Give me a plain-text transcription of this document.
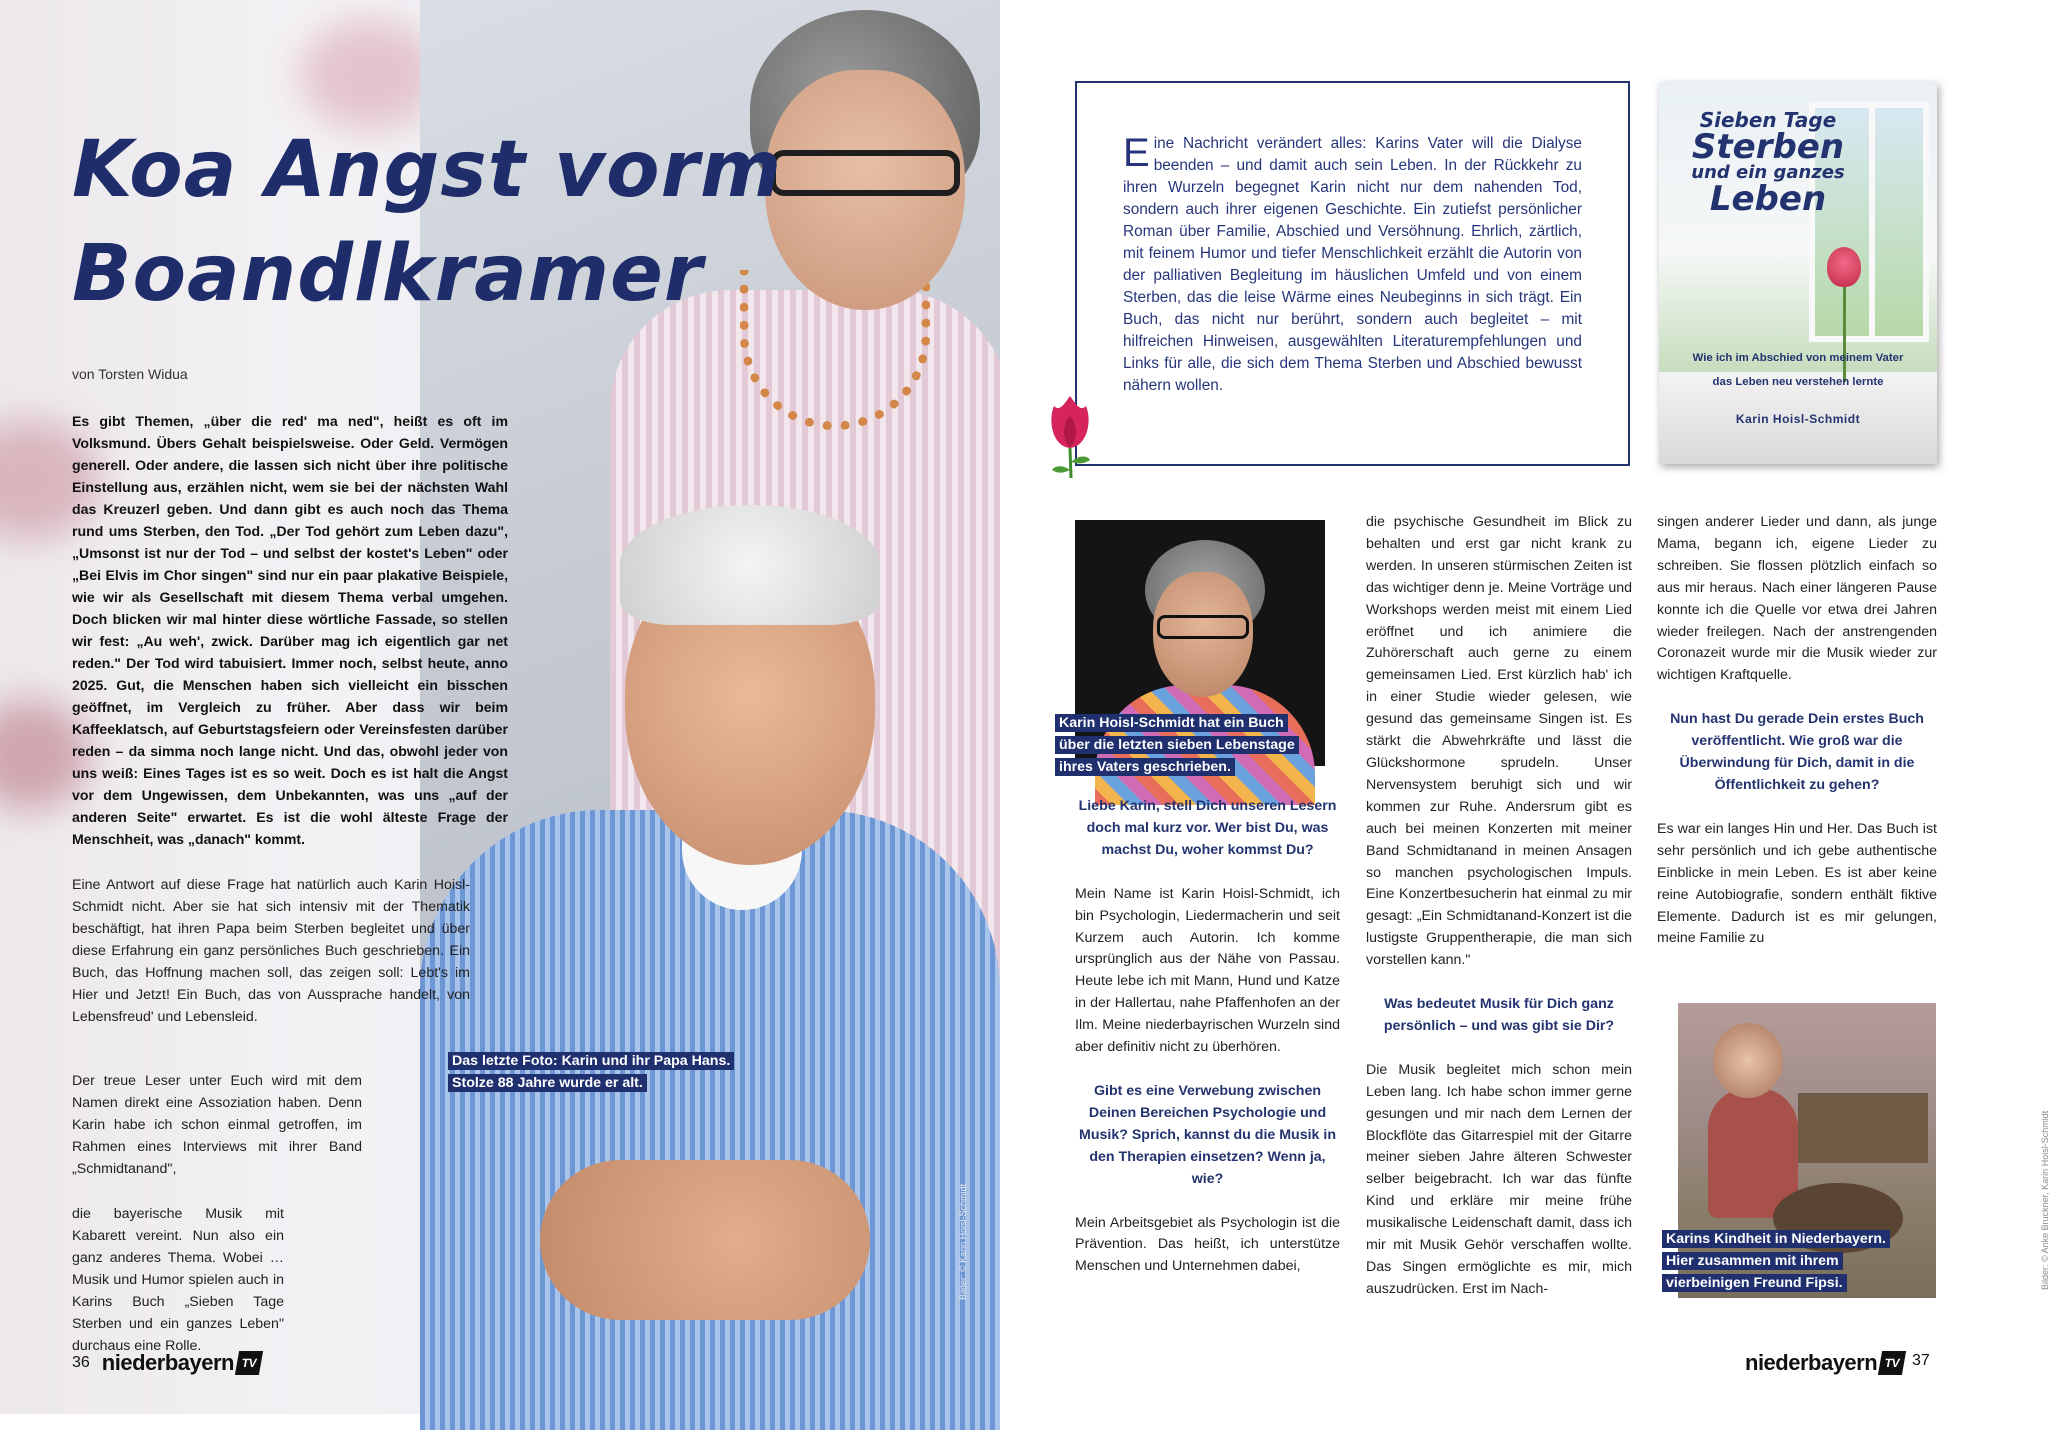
Koa Angst vorm
Boandlkramer
von Torsten Widua

Es gibt Themen, „über die red' ma ned", heißt es oft im Volksmund. Übers Gehalt beispielsweise. Oder Geld. Vermögen generell. Oder andere, die lassen sich nicht über ihre politische Einstellung aus, erzählen nicht, wem sie bei der nächsten Wahl das Kreuzerl geben. Und dann gibt es auch noch das Thema rund ums Sterben, den Tod. „Der Tod gehört zum Leben dazu", „Umsonst ist nur der Tod – und selbst der kostet's Leben" oder „Bei Elvis im Chor singen" sind nur ein paar plakative Beispiele, wie wir als Gesellschaft mit diesem Thema verbal umgehen. Doch blicken wir mal hinter diese wörtliche Fassade, so stellen wir fest: „Au weh', zwick. Darüber mag ich eigentlich gar net reden." Der Tod wird tabuisiert. Immer noch, selbst heute, anno 2025. Gut, die Menschen haben sich vielleicht ein bisschen geöffnet, im Vergleich zu früher. Aber dass wir beim Kaffeeklatsch, auf Geburtstagsfeiern oder Vereinsfesten darüber reden – da simma noch lange nicht. Und das, obwohl jeder von uns weiß: Eines Tages ist es so weit. Doch es ist halt die Angst vor dem Ungewissen, dem Unbekannten, was uns „auf der anderen Seite" erwartet. Es ist die wohl älteste Frage der Menschheit, was „danach" kommt.

Eine Antwort auf diese Frage hat natürlich auch Karin Hoisl-Schmidt nicht. Aber sie hat sich intensiv mit der Thematik beschäftigt, hat ihren Papa beim Sterben begleitet und über diese Erfahrung ein ganz persönliches Buch geschrieben. Ein Buch, das Hoffnung machen soll, das zeigen soll: Lebt's im Hier und Jetzt! Ein Buch, das von Aussprache handelt, von Lebensfreud' und Lebensleid.

Der treue Leser unter Euch wird mit dem Namen direkt eine Assoziation haben. Denn Karin habe ich schon einmal getroffen, im Rahmen eines Interviews mit ihrer Band „Schmidtanand",

die bayerische Musik mit Kabarett vereint. Nun also ein ganz anderes Thema. Wobei … Musik und Humor spielen auch in Karins Buch „Sieben Tage Sterben und ein ganzes Leben" durchaus eine Rolle.

Das letzte Foto: Karin und ihr Papa Hans.
Stolze 88 Jahre wurde er alt.
Bilder: © Karin Hoisl-Schmidt
36 niederbayern TV

Eine Nachricht verändert alles: Karins Vater will die Dialyse beenden – und damit auch sein Leben. In der Rückkehr zu ihren Wurzeln begegnet Karin nicht nur dem nahenden Tod, sondern auch ihrer eigenen Geschichte. Ein zutiefst persönlicher Roman über Familie, Abschied und Versöhnung. Ehrlich, zärtlich, mit feinem Humor und tiefer Menschlichkeit erzählt die Autorin von der palliativen Begleitung im häuslichen Umfeld und von einem Sterben, das die leise Wärme eines Neubeginns in sich trägt. Ein Buch, das nicht nur berührt, sondern auch begleitet – mit hilfreichen Hinweisen, ausgewählten Literaturempfehlungen und Links für alle, die sich dem Thema Sterben und Abschied bewusst nähern wollen.

Sieben Tage
Sterben
und ein ganzes
Leben
Wie ich im Abschied von meinem Vater
das Leben neu verstehen lernte
Karin Hoisl-Schmidt
Karin Hoisl-Schmidt hat ein Buch
über die letzten sieben Lebenstage
ihres Vaters geschrieben.

Liebe Karin, stell Dich unseren Lesern doch mal kurz vor. Wer bist Du, was machst Du, woher kommst Du?

Mein Name ist Karin Hoisl-Schmidt, ich bin Psychologin, Liedermacherin und seit Kurzem auch Autorin. Ich komme ursprünglich aus der Nähe von Passau. Heute lebe ich mit Mann, Hund und Katze in der Hallertau, nahe Pfaffenhofen an der Ilm. Meine niederbayrischen Wurzeln sind aber definitiv nicht zu überhören.

Gibt es eine Verwebung zwischen Deinen Bereichen Psychologie und Musik? Sprich, kannst du die Musik in den Therapien einsetzen? Wenn ja, wie?

Mein Arbeitsgebiet als Psychologin ist die Prävention. Das heißt, ich unterstütze Menschen und Unternehmen dabei,

die psychische Gesundheit im Blick zu behalten und erst gar nicht krank zu werden. In unseren stürmischen Zeiten ist das wichtiger denn je. Meine Vorträge und Workshops werden meist mit einem Lied eröffnet und ich animiere die Zuhörerschaft auch gerne zu einem gemeinsamen Lied. Erst kürzlich hab' ich in einer Studie wieder gelesen, wie gesund das gemeinsame Singen ist. Es stärkt die Abwehrkräfte und lässt die Glückshormone sprudeln. Unser Nervensystem beruhigt sich und wir kommen zur Ruhe. Andersrum gibt es auch bei meinen Konzerten mit meiner Band Schmidtanand in meinen Ansagen so manchen psychologischen Impuls. Eine Konzertbesucherin hat einmal zu mir gesagt: „Ein Schmidtanand-Konzert ist die lustigste Gruppentherapie, die man sich vorstellen kann."

Was bedeutet Musik für Dich ganz persönlich – und was gibt sie Dir?

Die Musik begleitet mich schon mein Leben lang. Ich habe schon immer gerne gesungen und mir nach dem Lernen der Blockflöte das Gitarrespiel mit der Gitarre meiner sieben Jahre älteren Schwester selber beigebracht. Ich war das fünfte Kind und erkläre mir meine frühe musikalische Leidenschaft damit, dass ich mir mit Musik Gehör verschaffen wollte. Das Singen ermöglichte es mir, mich auszudrücken. Erst im Nach-

singen anderer Lieder und dann, als junge Mama, begann ich, eigene Lieder zu schreiben. Sie flossen plötzlich einfach so aus mir heraus. Nach einer längeren Pause konnte ich die Quelle vor etwa drei Jahren wieder freilegen. Nach der anstrengenden Coronazeit wurde mir die Musik wieder zur wichtigen Kraftquelle.

Nun hast Du gerade Dein erstes Buch veröffentlicht. Wie groß war die Überwindung für Dich, damit in die Öffentlichkeit zu gehen?

Es war ein langes Hin und Her. Das Buch ist sehr persönlich und ich gebe authentische Einblicke in mein Leben. Es ist aber keine reine Autobiografie, sondern enthält fiktive Elemente. Dadurch ist es mir gelungen, meine Familie zu

Bilder: © Anke Bruckner, Karin Hoisl-Schmidt
Karins Kindheit in Niederbayern.
Hier zusammen mit ihrem
vierbeinigen Freund Fipsi.
niederbayern TV 37
